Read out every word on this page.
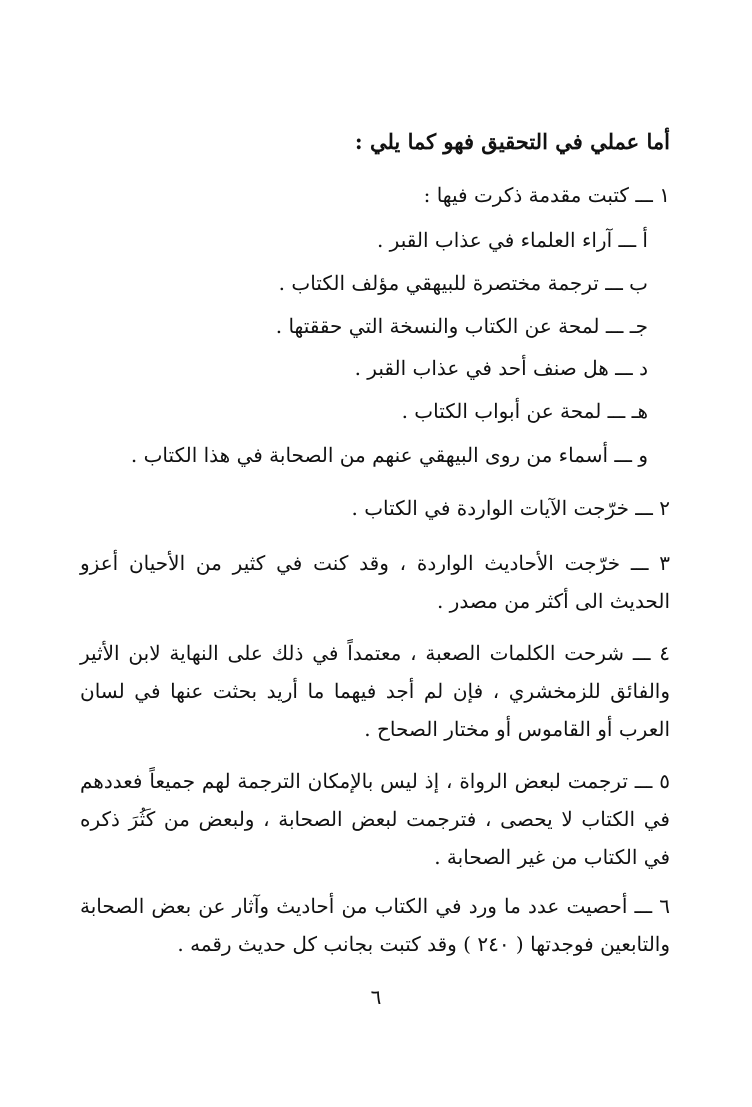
أما عملي في التحقيق فهو كما يلي :
١ ـــ كتبت مقدمة ذكرت فيها :
أ ـــ آراء العلماء في عذاب القبر .
ب ـــ ترجمة مختصرة للبيهقي مؤلف الكتاب .
جـ ـــ لمحة عن الكتاب والنسخة التي حققتها .
د ـــ هل صنف أحد في عذاب القبر .
هـ ـــ لمحة عن أبواب الكتاب .
و ـــ أسماء من روى البيهقي عنهم من الصحابة في هذا الكتاب .
٢ ـــ خرّجت الآيات الواردة في الكتاب .
٣ ـــ خرّجت الأحاديث الواردة ، وقد كنت في كثير من الأحيان أعزو الحديث الى أكثر من مصدر .
٤ ـــ شرحت الكلمات الصعبة ، معتمداً في ذلك على النهاية لابن الأثير والفائق للزمخشري ، فإن لم أجد فيهما ما أريد بحثت عنها في لسان العرب أو القاموس أو مختار الصحاح .
٥ ـــ ترجمت لبعض الرواة ، إذ ليس بالإمكان الترجمة لهم جميعاً فعددهم في الكتاب لا يحصى ، فترجمت لبعض الصحابة ، ولبعض من كَثُرَ ذكره في الكتاب من غير الصحابة .
٦ ـــ أحصيت عدد ما ورد في الكتاب من أحاديث وآثار عن بعض الصحابة والتابعين فوجدتها ( ٢٤٠ ) وقد كتبت بجانب كل حديث رقمه .
٦
